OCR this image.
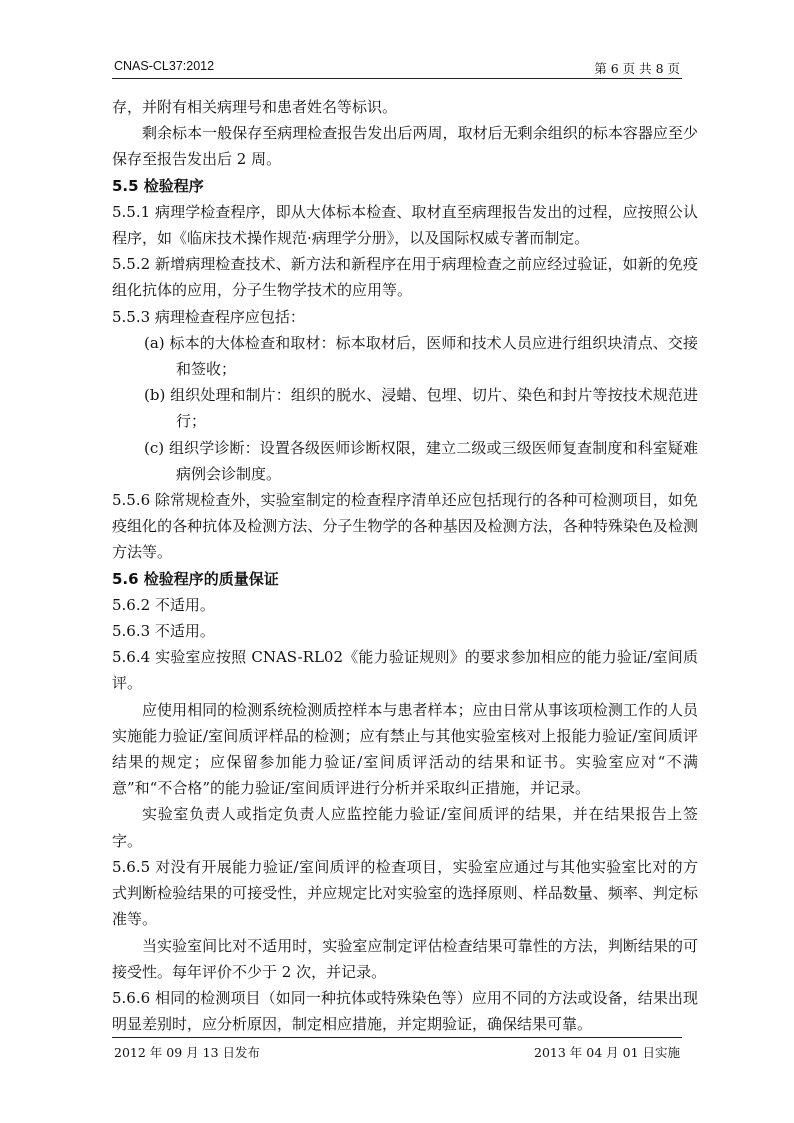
CNAS-CL37:2012	第 6 页 共 8 页

存，并附有相关病理号和患者姓名等标识。

剩余标本一般保存至病理检查报告发出后两周，取材后无剩余组织的标本容器应至少保存至报告发出后 2 周。

5.5 检验程序

5.5.1 病理学检查程序，即从大体标本检查、取材直至病理报告发出的过程，应按照公认程序，如《临床技术操作规范·病理学分册》，以及国际权威专著而制定。

5.5.2 新增病理检查技术、新方法和新程序在用于病理检查之前应经过验证，如新的免疫组化抗体的应用，分子生物学技术的应用等。

5.5.3 病理检查程序应包括：

(a) 标本的大体检查和取材：标本取材后，医师和技术人员应进行组织块清点、交接和签收；

(b) 组织处理和制片：组织的脱水、浸蜡、包埋、切片、染色和封片等按技术规范进行；

(c) 组织学诊断：设置各级医师诊断权限，建立二级或三级医师复查制度和科室疑难病例会诊制度。

5.5.6 除常规检查外，实验室制定的检查程序清单还应包括现行的各种可检测项目，如免疫组化的各种抗体及检测方法、分子生物学的各种基因及检测方法，各种特殊染色及检测方法等。

5.6 检验程序的质量保证

5.6.2 不适用。

5.6.3 不适用。

5.6.4 实验室应按照 CNAS-RL02《能力验证规则》的要求参加相应的能力验证/室间质评。

应使用相同的检测系统检测质控样本与患者样本；应由日常从事该项检测工作的人员实施能力验证/室间质评样品的检测；应有禁止与其他实验室核对上报能力验证/室间质评结果的规定；应保留参加能力验证/室间质评活动的结果和证书。实验室应对“不满意”和“不合格”的能力验证/室间质评进行分析并采取纠正措施，并记录。

实验室负责人或指定负责人应监控能力验证/室间质评的结果，并在结果报告上签字。

5.6.5 对没有开展能力验证/室间质评的检查项目，实验室应通过与其他实验室比对的方式判断检验结果的可接受性，并应规定比对实验室的选择原则、样品数量、频率、判定标准等。

当实验室间比对不适用时，实验室应制定评估检查结果可靠性的方法，判断结果的可接受性。每年评价不少于 2 次，并记录。

5.6.6 相同的检测项目（如同一种抗体或特殊染色等）应用不同的方法或设备，结果出现明显差别时，应分析原因，制定相应措施，并定期验证，确保结果可靠。

2012 年 09 月 13 日发布	2013 年 04 月 01 日实施
